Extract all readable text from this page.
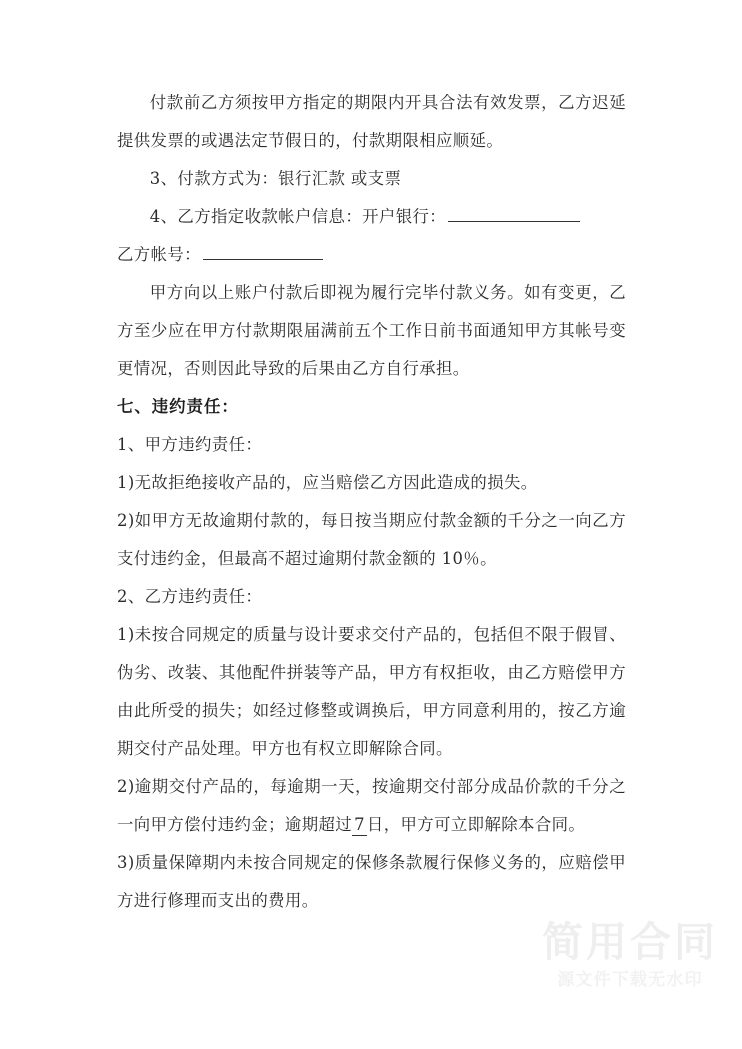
付款前乙方须按甲方指定的期限内开具合法有效发票，乙方迟延提供发票的或遇法定节假日的，付款期限相应顺延。

3、付款方式为：银行汇款 或支票

4、乙方指定收款帐户信息：开户银行：

乙方帐号：

甲方向以上账户付款后即视为履行完毕付款义务。如有变更，乙方至少应在甲方付款期限届满前五个工作日前书面通知甲方其帐号变更情况，否则因此导致的后果由乙方自行承担。

七、违约责任：

1、甲方违约责任：

1)无故拒绝接收产品的，应当赔偿乙方因此造成的损失。

2)如甲方无故逾期付款的，每日按当期应付款金额的千分之一向乙方支付违约金，但最高不超过逾期付款金额的 10％。

2、乙方违约责任：

1)未按合同规定的质量与设计要求交付产品的，包括但不限于假冒、伪劣、改装、其他配件拼装等产品，甲方有权拒收，由乙方赔偿甲方由此所受的损失；如经过修整或调换后，甲方同意利用的，按乙方逾期交付产品处理。甲方也有权立即解除合同。

2)逾期交付产品的，每逾期一天，按逾期交付部分成品价款的千分之一向甲方偿付违约金；逾期超过 7 日，甲方可立即解除本合同。

3)质量保障期内未按合同规定的保修条款履行保修义务的，应赔偿甲方进行修理而支出的费用。

简用合同
源文件下载无水印
